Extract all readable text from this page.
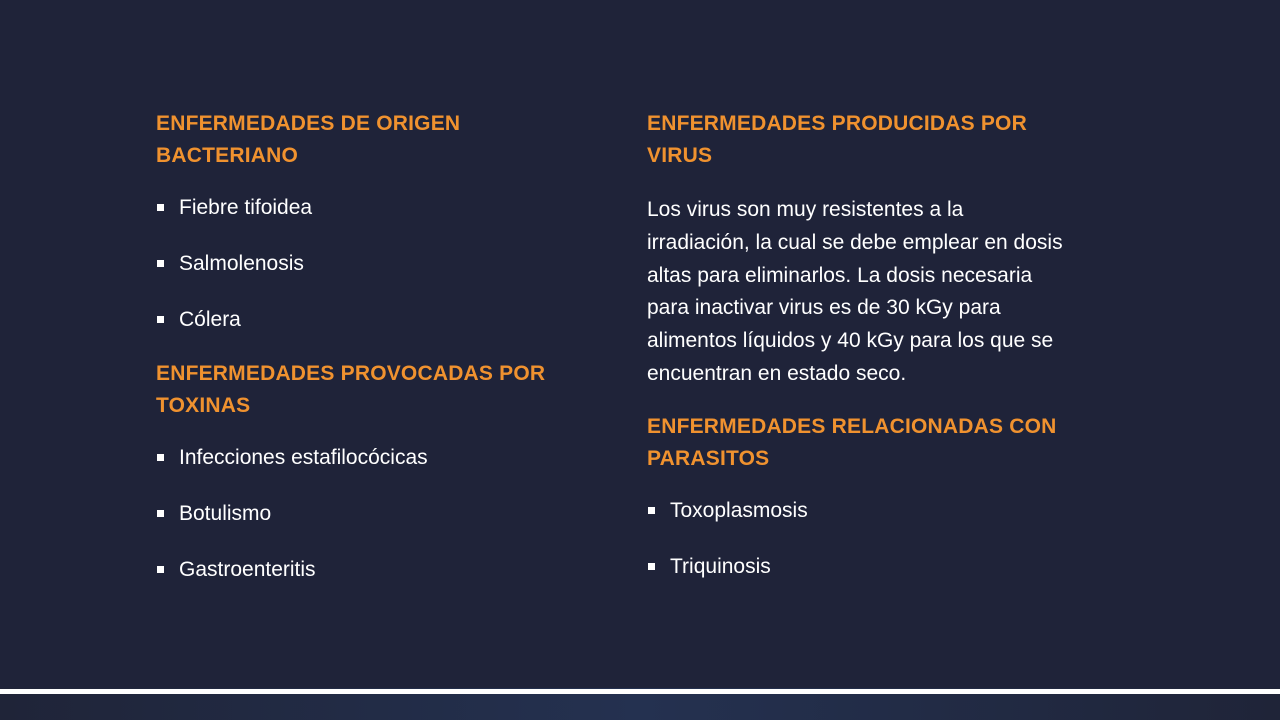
ENFERMEDADES DE ORIGEN
BACTERIANO

Fiebre tifoidea
Salmolenosis
Cólera

ENFERMEDADES PROVOCADAS POR
TOXINAS

Infecciones estafilocócicas
Botulismo
Gastroenteritis

ENFERMEDADES PRODUCIDAS POR
VIRUS

Los virus son muy resistentes a la
irradiación, la cual se debe emplear en dosis
altas para eliminarlos. La dosis necesaria
para inactivar virus es de 30 kGy para
alimentos líquidos y 40 kGy para los que se
encuentran en estado seco.

ENFERMEDADES RELACIONADAS CON
PARASITOS

Toxoplasmosis
Triquinosis
